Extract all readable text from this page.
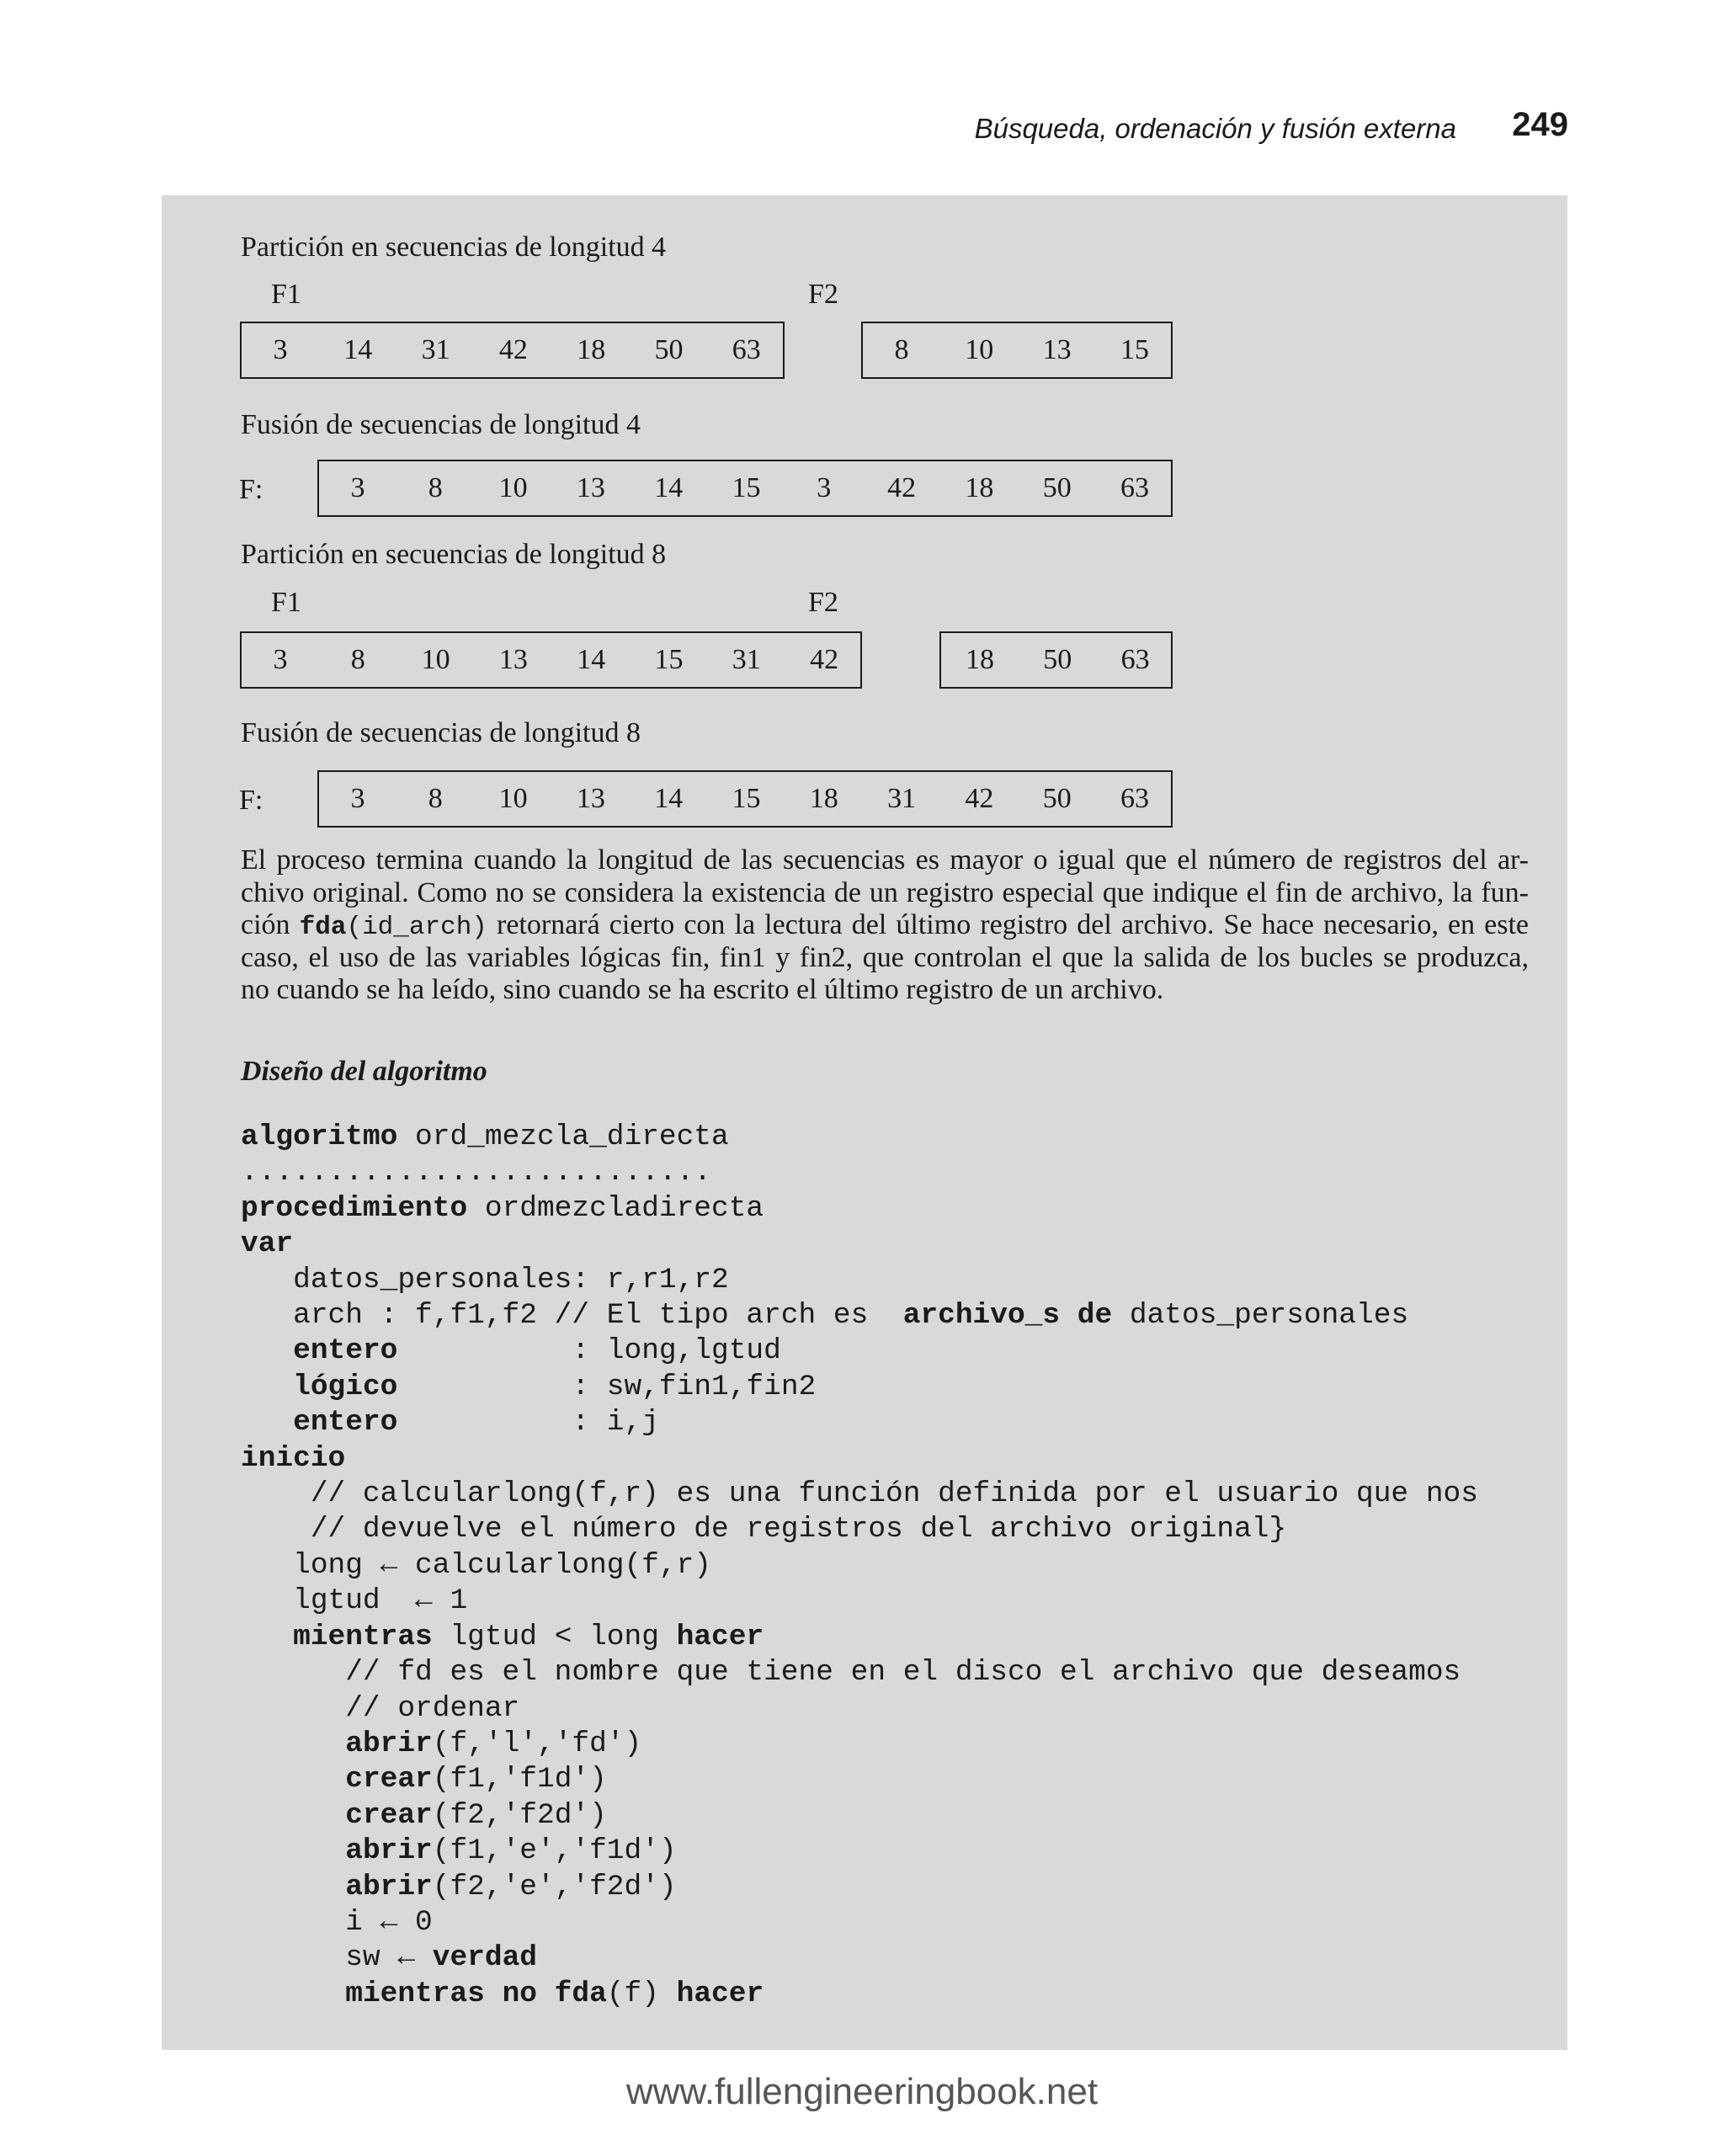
Búsqueda, ordenación y fusión externa 249
Partición en secuencias de longitud 4
F1	F2
3	14	31	42	18	50	63	8	10	13	15
Fusión de secuencias de longitud 4
F:	3	8	10	13	14	15	3	42	18	50	63
Partición en secuencias de longitud 8
F1	F2
3	8	10	13	14	15	31	42	18	50	63
Fusión de secuencias de longitud 8
F:	3	8	10	13	14	15	18	31	42	50	63
El proceso termina cuando la longitud de las secuencias es mayor o igual que el número de registros del ar-
chivo original. Como no se considera la existencia de un registro especial que indique el fin de archivo, la fun-
ción fda(id_arch) retornará cierto con la lectura del último registro del archivo. Se hace necesario, en este
caso, el uso de las variables lógicas fin, fin1 y fin2, que controlan el que la salida de los bucles se produzca,
no cuando se ha leído, sino cuando se ha escrito el último registro de un archivo.
Diseño del algoritmo
algoritmo ord_mezcla_directa
...........................
procedimiento ordmezcladirecta
var
datos_personales: r,r1,r2
arch : f,f1,f2 // El tipo arch es  archivo_s de datos_personales
entero          : long,lgtud
lógico          : sw,fin1,fin2
entero          : i,j
inicio
// calcularlong(f,r) es una función definida por el usuario que nos
// devuelve el número de registros del archivo original}
long ← calcularlong(f,r)
lgtud  ← 1
mientras lgtud < long hacer
// fd es el nombre que tiene en el disco el archivo que deseamos
// ordenar
abrir(f,'l','fd')
crear(f1,'f1d')
crear(f2,'f2d')
abrir(f1,'e','f1d')
abrir(f2,'e','f2d')
i ← 0
sw ← verdad
mientras no fda(f) hacer
www.fullengineeringbook.net
